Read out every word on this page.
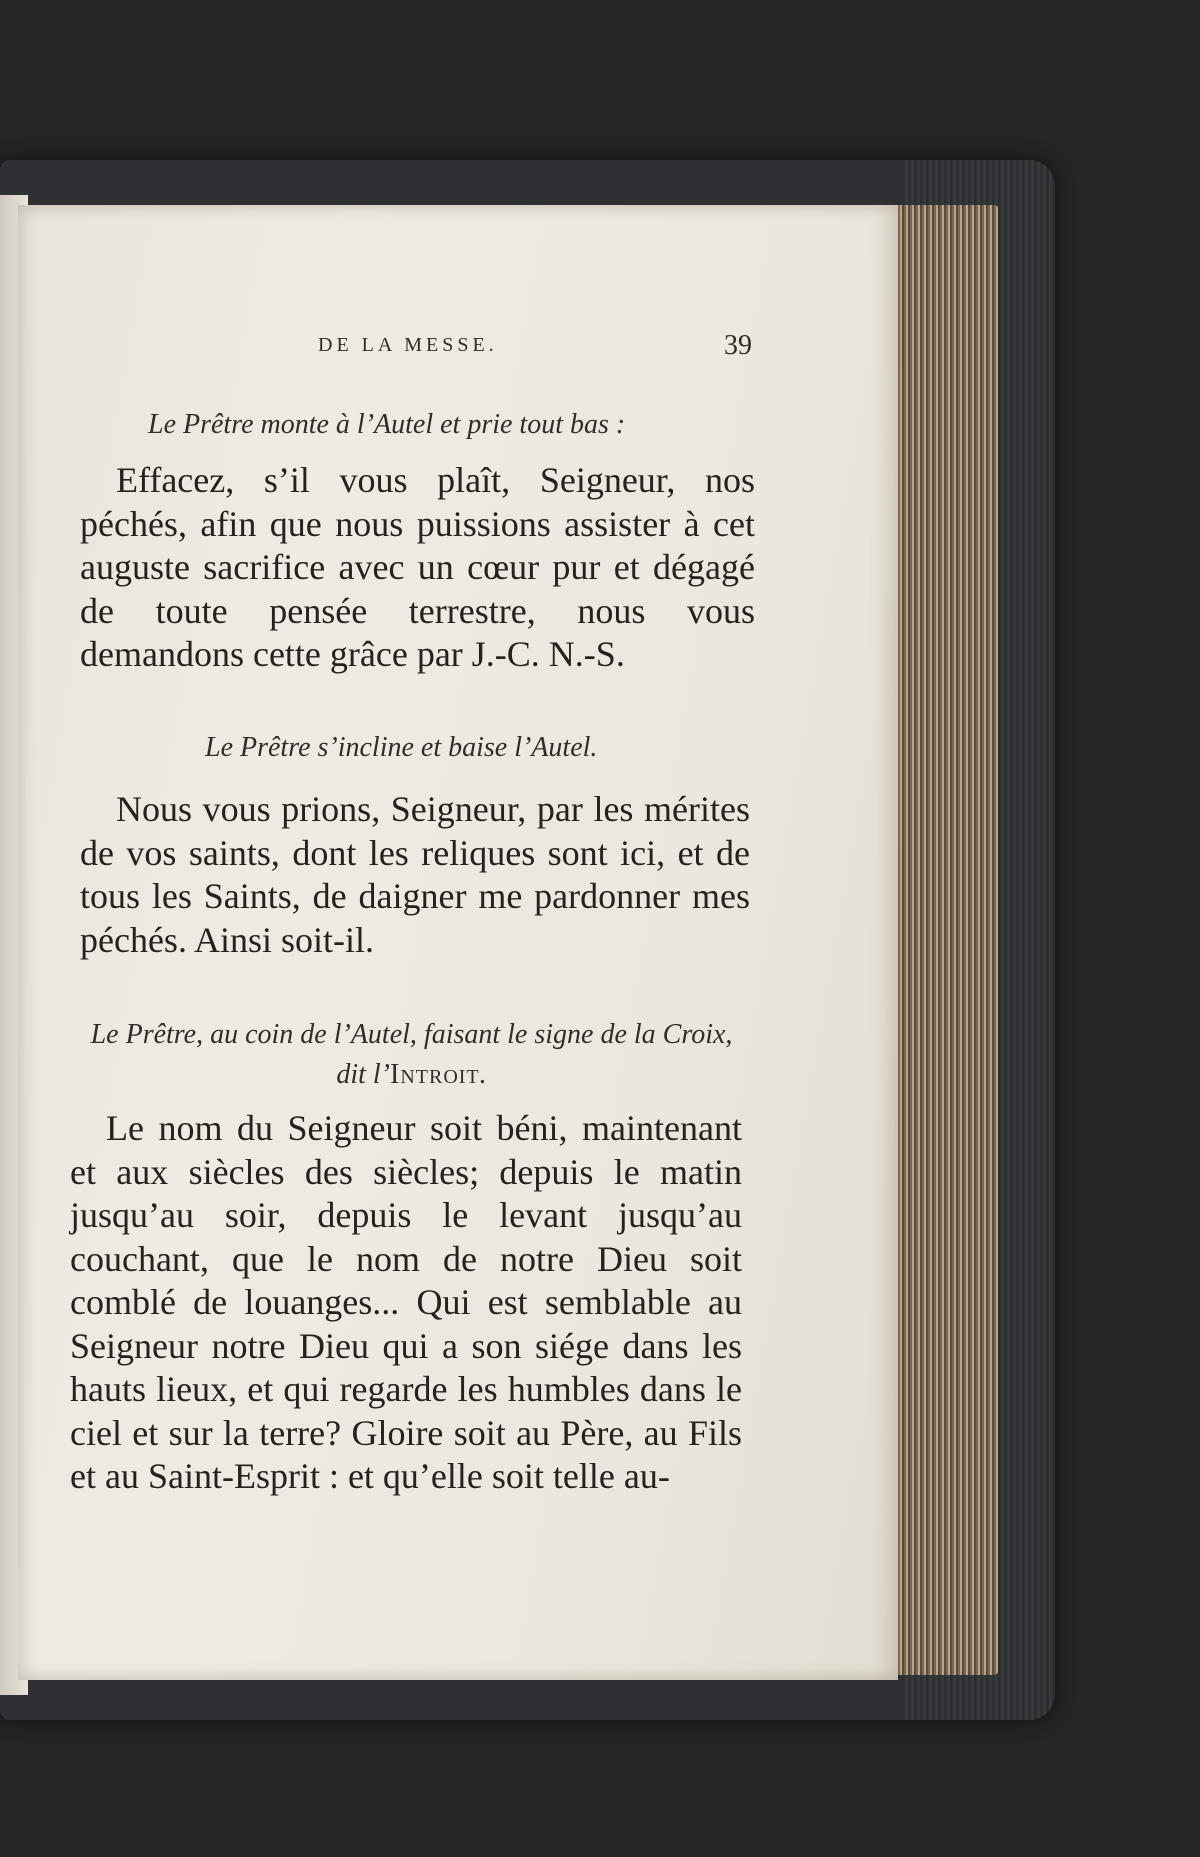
DE LA MESSE.	39
Le Prêtre monte à l’Autel et prie tout bas :
Effacez, s’il vous plaît, Seigneur, nos péchés, afin que nous puissions assister à cet auguste sacrifice avec un cœur pur et dégagé de toute pensée terrestre, nous vous demandons cette grâce par J.-C. N.-S.
Le Prêtre s’incline et baise l’Autel.
Nous vous prions, Seigneur, par les mérites de vos saints, dont les reliques sont ici, et de tous les Saints, de daigner me pardonner mes péchés. Ainsi soit-il.
Le Prêtre, au coin de l’Autel, faisant le signe de la Croix, dit l’Introit.
Le nom du Seigneur soit béni, maintenant et aux siècles des siècles; depuis le matin jusqu’au soir, depuis le levant jusqu’au couchant, que le nom de notre Dieu soit comblé de louanges... Qui est semblable au Seigneur notre Dieu qui a son siége dans les hauts lieux, et qui regarde les humbles dans le ciel et sur la terre? Gloire soit au Père, au Fils et au Saint-Esprit : et qu’elle soit telle au-
